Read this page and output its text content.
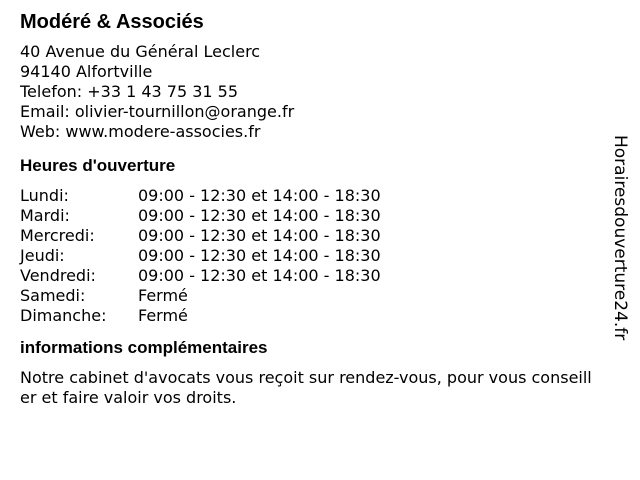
Modéré & Associés
40 Avenue du Général Leclerc
94140 Alfortville
Telefon: +33 1 43 75 31 55
Email: olivier-tournillon@orange.fr
Web: www.modere-associes.fr
Heures d'ouverture
Lundi:	09:00 - 12:30 et 14:00 - 18:30
Mardi:	09:00 - 12:30 et 14:00 - 18:30
Mercredi:	09:00 - 12:30 et 14:00 - 18:30
Jeudi:	09:00 - 12:30 et 14:00 - 18:30
Vendredi:	09:00 - 12:30 et 14:00 - 18:30
Samedi:	Fermé
Dimanche:	Fermé
informations complémentaires
Notre cabinet d'avocats vous reçoit sur rendez-vous, pour vous conseiller et faire valoir vos droits.
Horairesdouverture24.fr
